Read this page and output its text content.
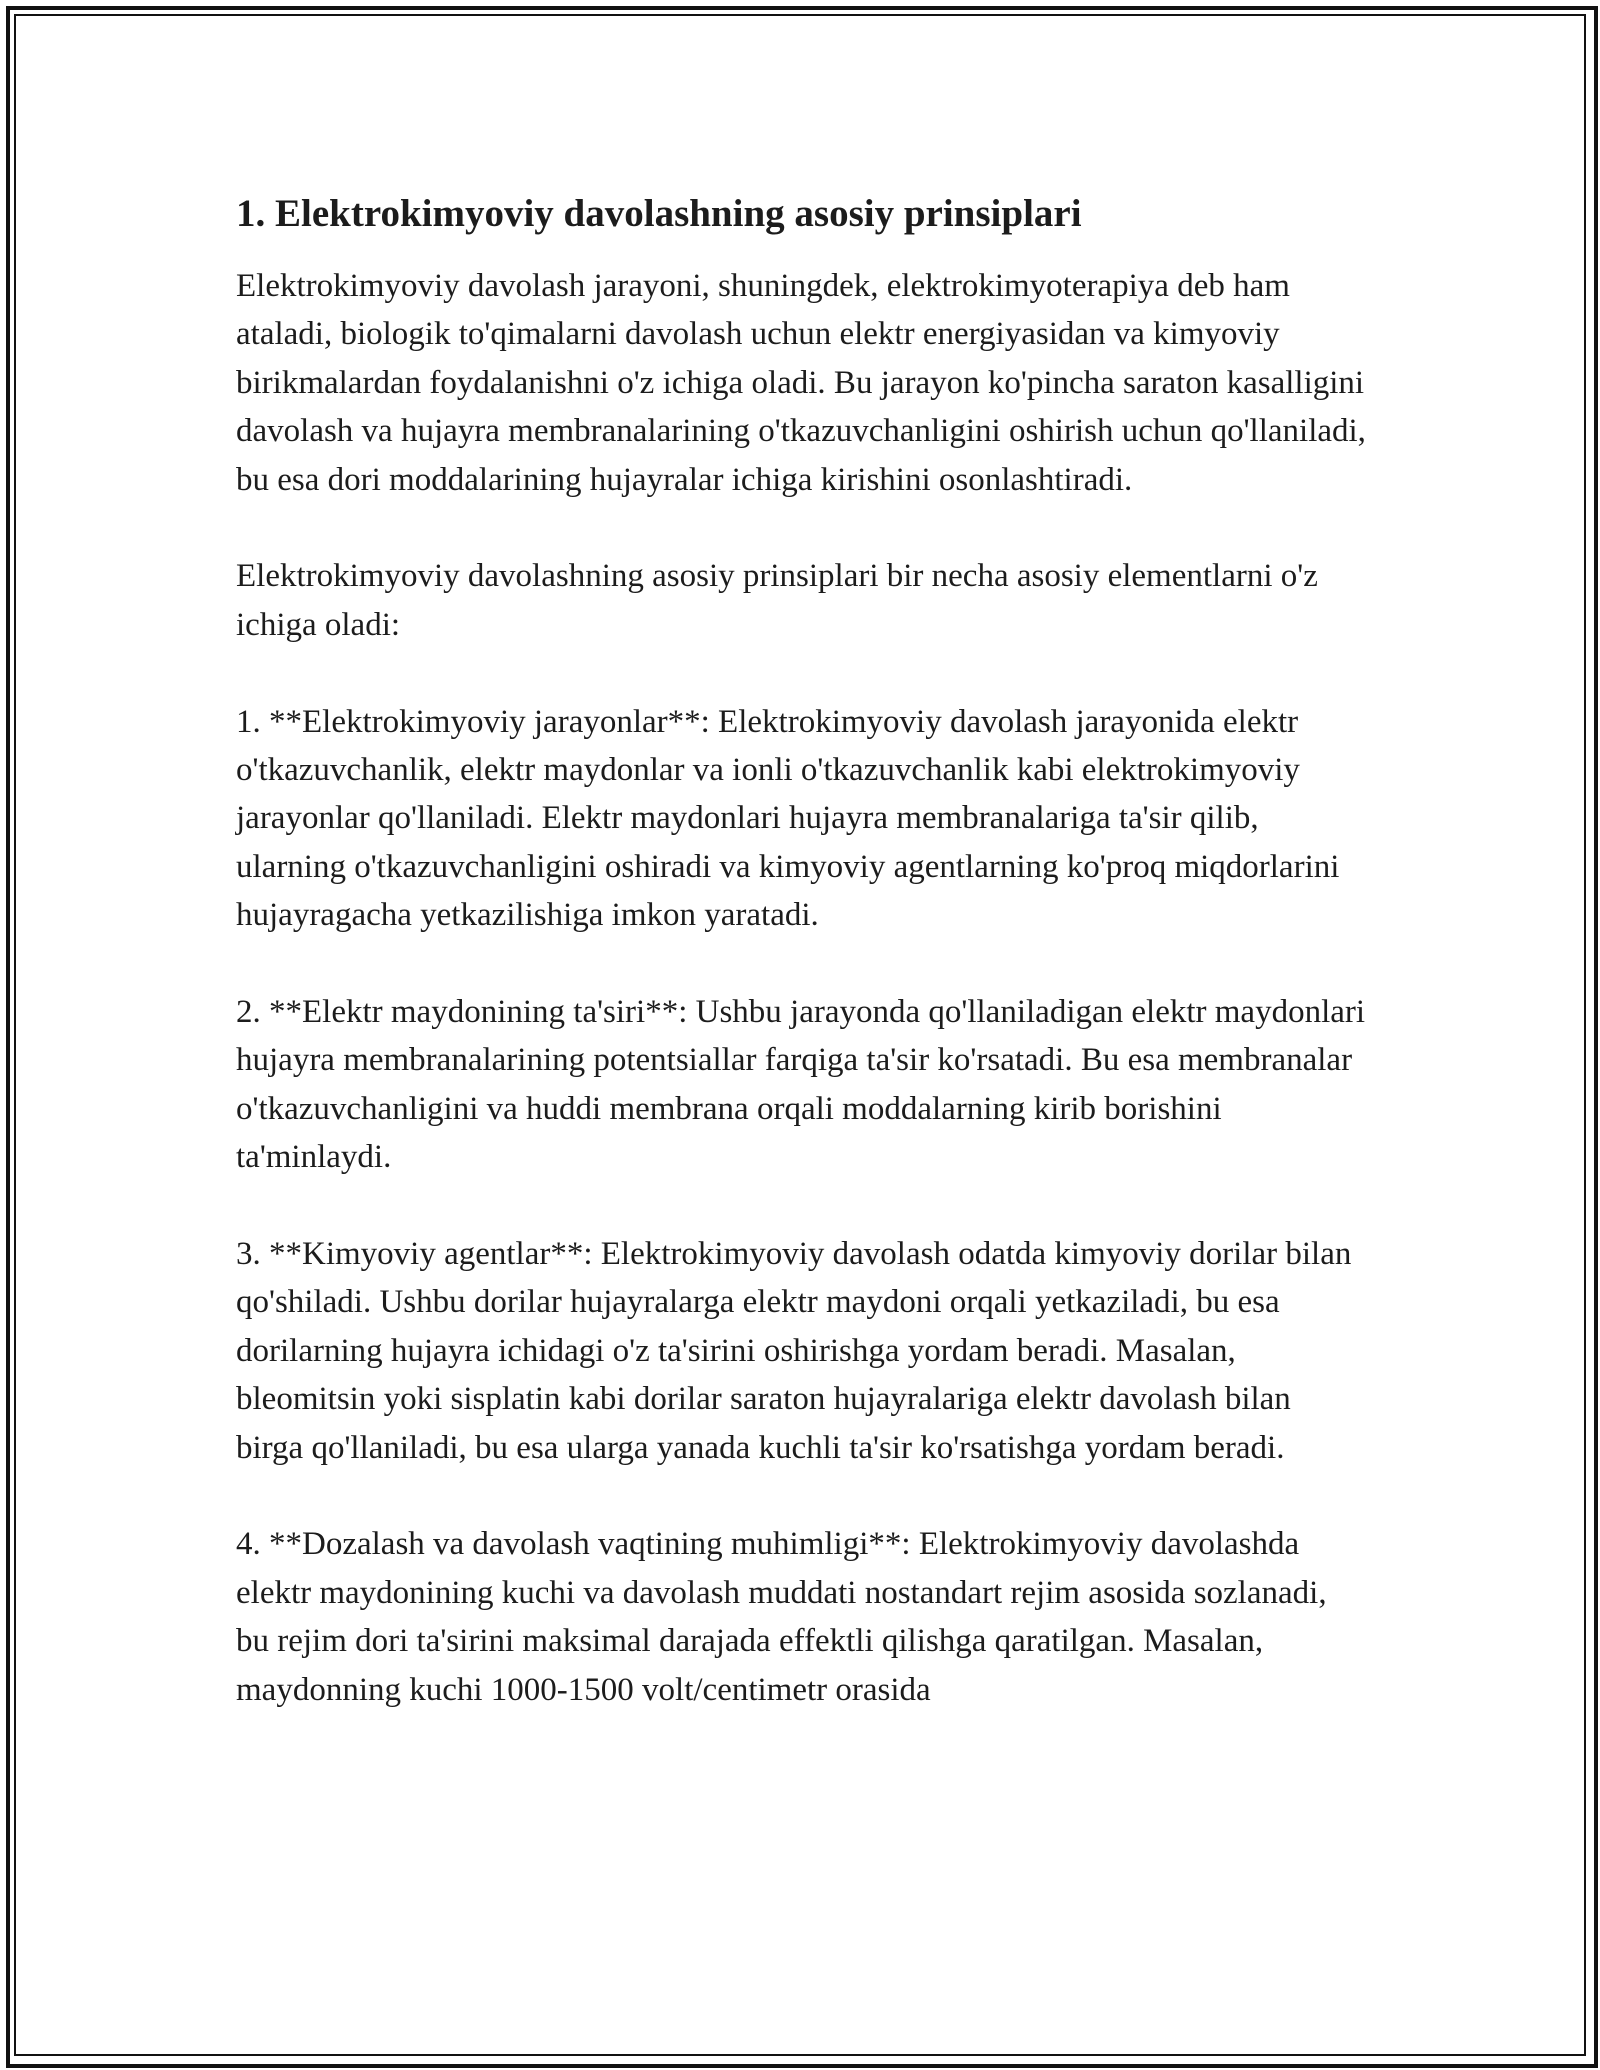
1. Elektrokimyoviy davolashning asosiy prinsiplari

Elektrokimyoviy davolash jarayoni, shuningdek, elektrokimyoterapiya deb ham ataladi, biologik to'qimalarni davolash uchun elektr energiyasidan va kimyoviy birikmalardan foydalanishni o'z ichiga oladi. Bu jarayon ko'pincha saraton kasalligini davolash va hujayra membranalarining o'tkazuvchanligini oshirish uchun qo'llaniladi, bu esa dori moddalarining hujayralar ichiga kirishini osonlashtiradi.

Elektrokimyoviy davolashning asosiy prinsiplari bir necha asosiy elementlarni o'z ichiga oladi:

1. **Elektrokimyoviy jarayonlar**: Elektrokimyoviy davolash jarayonida elektr o'tkazuvchanlik, elektr maydonlar va ionli o'tkazuvchanlik kabi elektrokimyoviy jarayonlar qo'llaniladi. Elektr maydonlari hujayra membranalariga ta'sir qilib, ularning o'tkazuvchanligini oshiradi va kimyoviy agentlarning ko'proq miqdorlarini hujayragacha yetkazilishiga imkon yaratadi.

2. **Elektr maydonining ta'siri**: Ushbu jarayonda qo'llaniladigan elektr maydonlari hujayra membranalarining potentsiallar farqiga ta'sir ko'rsatadi. Bu esa membranalar o'tkazuvchanligini va huddi membrana orqali moddalarning kirib borishini ta'minlaydi.

3. **Kimyoviy agentlar**: Elektrokimyoviy davolash odatda kimyoviy dorilar bilan qo'shiladi. Ushbu dorilar hujayralarga elektr maydoni orqali yetkaziladi, bu esa dorilarning hujayra ichidagi o'z ta'sirini oshirishga yordam beradi. Masalan, bleomitsin yoki sisplatin kabi dorilar saraton hujayralariga elektr davolash bilan birga qo'llaniladi, bu esa ularga yanada kuchli ta'sir ko'rsatishga yordam beradi.

4. **Dozalash va davolash vaqtining muhimligi**: Elektrokimyoviy davolashda elektr maydonining kuchi va davolash muddati nostandart rejim asosida sozlanadi, bu rejim dori ta'sirini maksimal darajada effektli qilishga qaratilgan. Masalan, maydonning kuchi 1000-1500 volt/centimetr orasida
